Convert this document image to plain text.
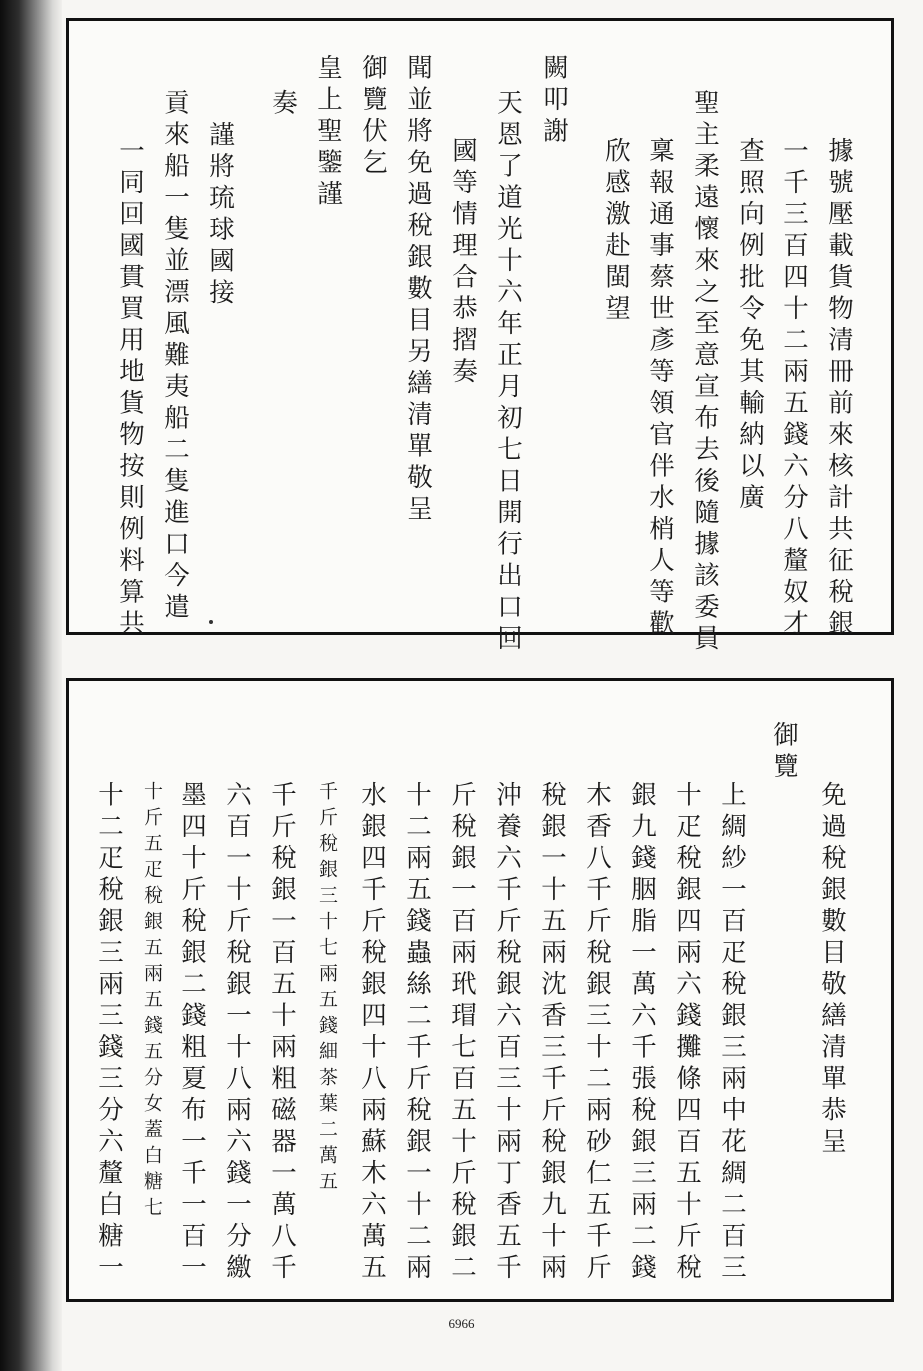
據號壓載貨物清冊前來核計共征稅銀
一千三百四十二兩五錢六分八釐奴才
查照向例批令免其輸納以廣
聖主柔遠懷來之至意宣布去後隨據該委員
稟報通事蔡世彥等領官伴水梢人等歡
欣感激赴閩望
闕叩謝
天恩了道光十六年正月初七日開行出口回
國等情理合恭摺奏
聞並將免過稅銀數目另繕清單敬呈
御覽伏乞
皇上聖鑒謹
奏
謹將琉球國接
貢來船一隻並漂風難夷船二隻進口今遣
一同回國貫買用地貨物按則例料算共
免過稅銀數目敬繕清單恭呈
御覽
上綢紗一百疋稅銀三兩中花綢二百三
十疋稅銀四兩六錢攤條四百五十斤稅
銀九錢胭脂一萬六千張稅銀三兩二錢
木香八千斤稅銀三十二兩砂仁五千斤
稅銀一十五兩沈香三千斤稅銀九十兩
沖養六千斤稅銀六百三十兩丁香五千
斤稅銀一百兩玳瑁七百五十斤稅銀二
十二兩五錢蟲絲二千斤稅銀一十二兩
水銀四千斤稅銀四十八兩蘇木六萬五
千斤稅銀三十七兩五錢細茶葉二萬五
千斤稅銀一百五十兩粗磁器一萬八千
六百一十斤稅銀一十八兩六錢一分繳
墨四十斤稅銀二錢粗夏布一千一百一
十斤五疋稅銀五兩五錢五分女蓋白糖七
十二疋稅銀三兩三錢三分六釐白糖一
6966
